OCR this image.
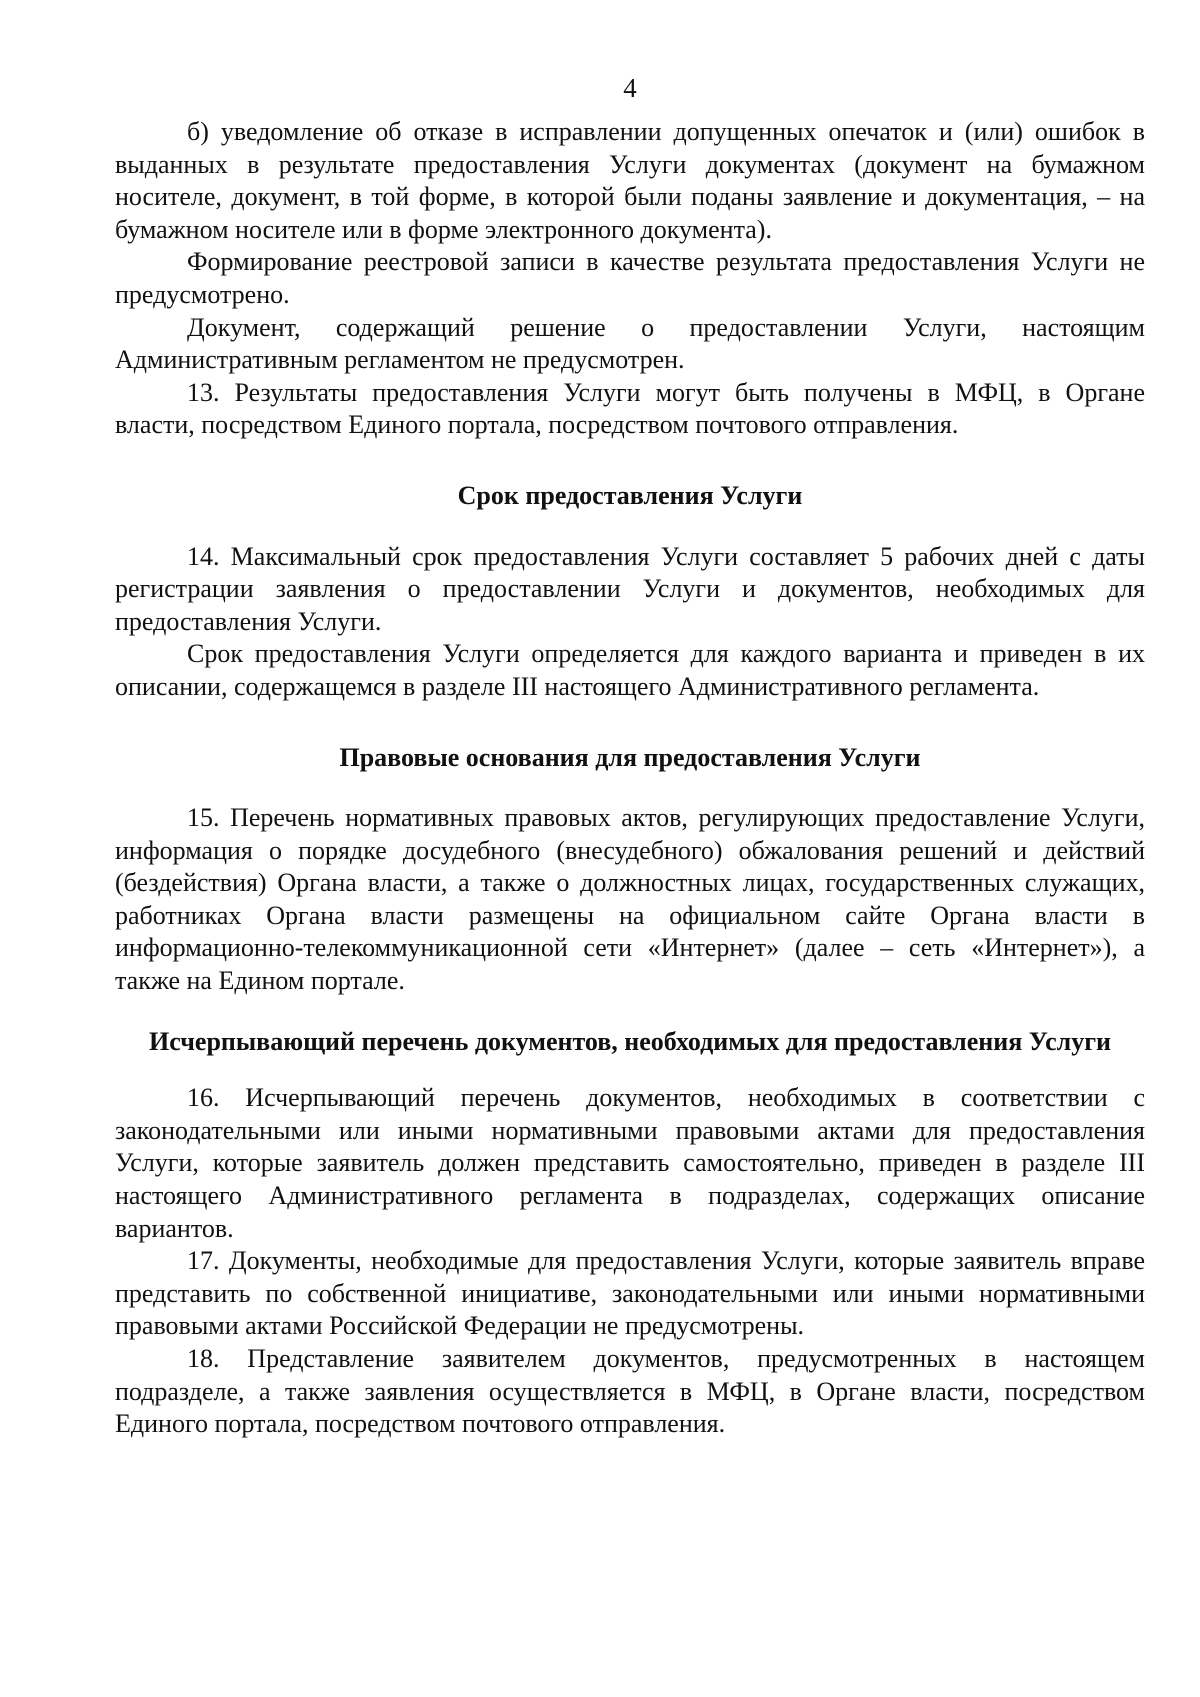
4

б) уведомление об отказе в исправлении допущенных опечаток и (или) ошибок в выданных в результате предоставления Услуги документах (документ на бумажном носителе, документ, в той форме, в которой были поданы заявление и документация, – на бумажном носителе или в форме электронного документа).

Формирование реестровой записи в качестве результата предоставления Услуги не предусмотрено.

Документ, содержащий решение о предоставлении Услуги, настоящим Административным регламентом не предусмотрен.

13. Результаты предоставления Услуги могут быть получены в МФЦ, в Органе власти, посредством Единого портала, посредством почтового отправления.

Срок предоставления Услуги

14. Максимальный срок предоставления Услуги составляет 5 рабочих дней с даты регистрации заявления о предоставлении Услуги и документов, необходимых для предоставления Услуги.

Срок предоставления Услуги определяется для каждого варианта и приведен в их описании, содержащемся в разделе III настоящего Административного регламента.

Правовые основания для предоставления Услуги

15. Перечень нормативных правовых актов, регулирующих предоставление Услуги, информация о порядке досудебного (внесудебного) обжалования решений и действий (бездействия) Органа власти, а также о должностных лицах, государственных служащих, работниках Органа власти размещены на официальном сайте Органа власти в информационно-телекоммуникационной сети «Интернет» (далее – сеть «Интернет»), а также на Едином портале.

Исчерпывающий перечень документов, необходимых для предоставления Услуги

16. Исчерпывающий перечень документов, необходимых в соответствии с законодательными или иными нормативными правовыми актами для предоставления Услуги, которые заявитель должен представить самостоятельно, приведен в разделе III настоящего Административного регламента в подразделах, содержащих описание вариантов.

17. Документы, необходимые для предоставления Услуги, которые заявитель вправе представить по собственной инициативе, законодательными или иными нормативными правовыми актами Российской Федерации не предусмотрены.

18. Представление заявителем документов, предусмотренных в настоящем подразделе, а также заявления осуществляется в МФЦ, в Органе власти, посредством Единого портала, посредством почтового отправления.
